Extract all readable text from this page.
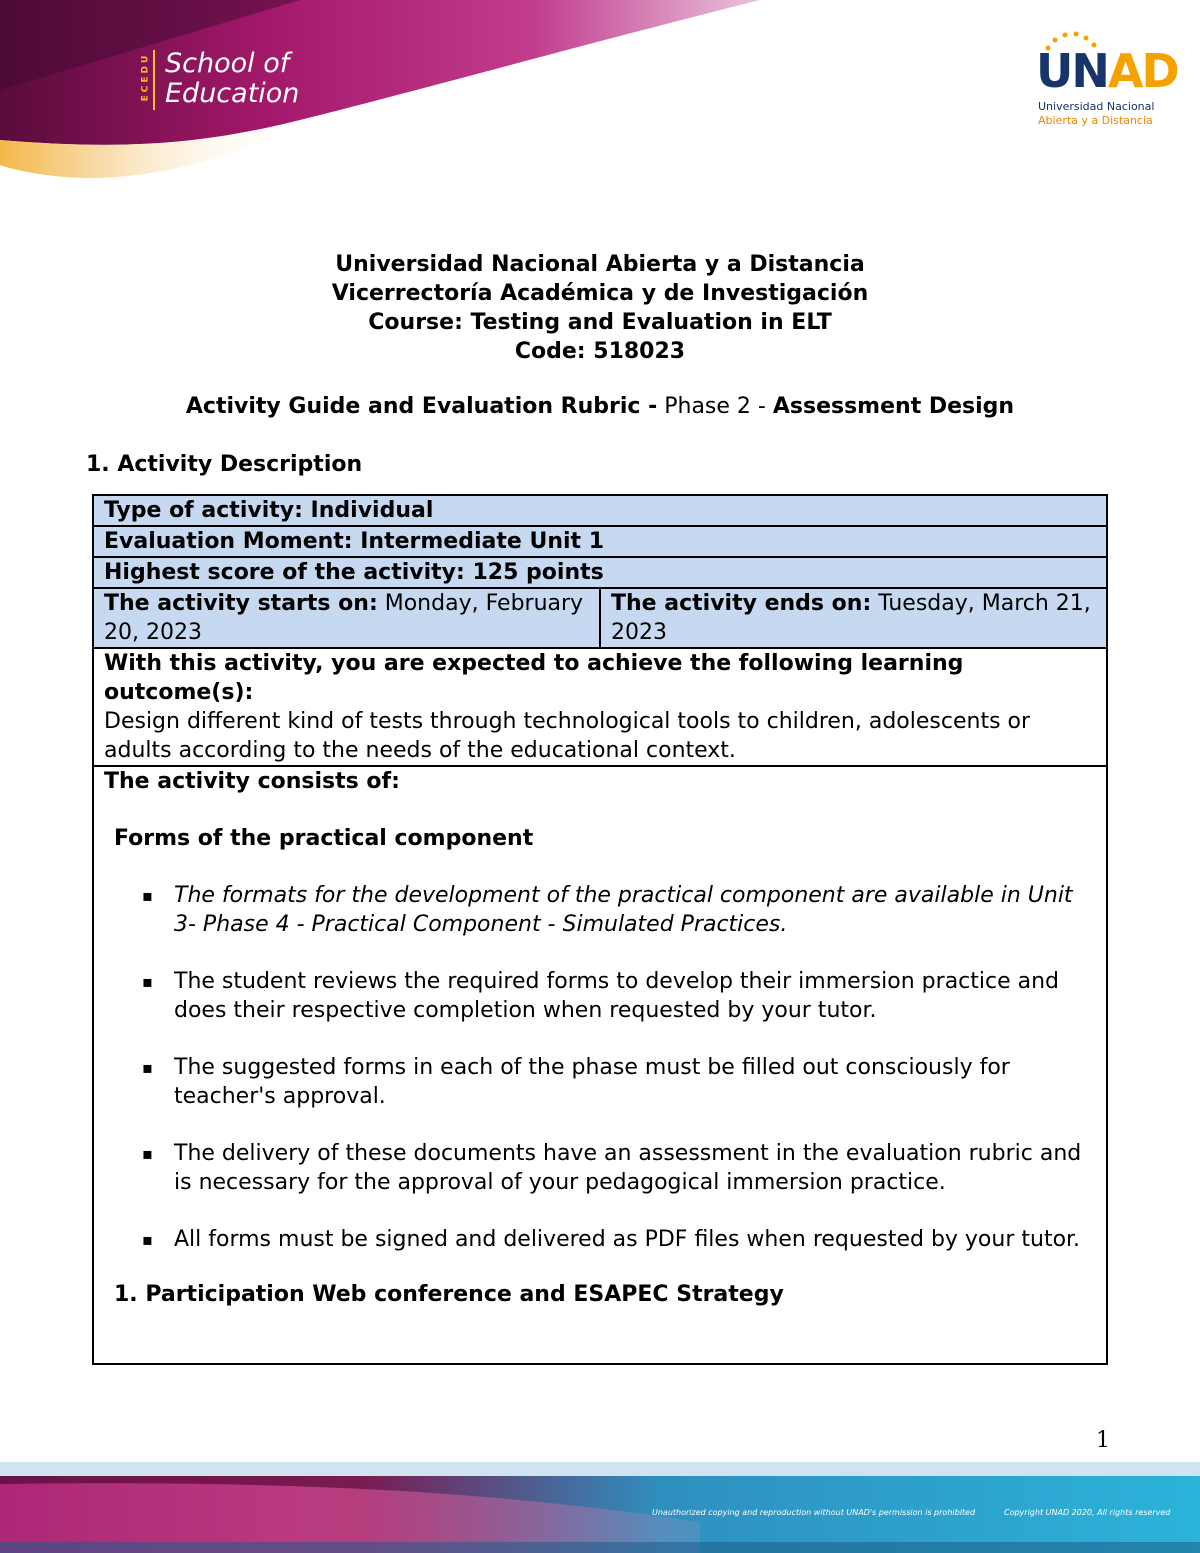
ECEDU School of
Education	UNAD
Universidad Nacional
Abierta y a Distancia
Universidad Nacional Abierta y a Distancia
Vicerrectoría Académica y de Investigación
Course: Testing and Evaluation in ELT
Code: 518023
Activity Guide and Evaluation Rubric - Phase 2 - Assessment Design
1. Activity Description
Type of activity: Individual
Evaluation Moment: Intermediate Unit 1
Highest score of the activity: 125 points
The activity starts on: Monday, February 20, 2023	The activity ends on: Tuesday, March 21, 2023

With this activity, you are expected to achieve the following learning outcome(s):
Design different kind of tests through technological tools to children, adolescents or adults according to the needs of the educational context.

The activity consists of:
Forms of the practical component
▪ The formats for the development of the practical component are available in Unit 3- Phase 4 - Practical Component - Simulated Practices.
▪ The student reviews the required forms to develop their immersion practice and does their respective completion when requested by your tutor.
▪ The suggested forms in each of the phase must be filled out consciously for teacher's approval.
▪ The delivery of these documents have an assessment in the evaluation rubric and is necessary for the approval of your pedagogical immersion practice.
▪ All forms must be signed and delivered as PDF files when requested by your tutor.
1. Participation Web conference and ESAPEC Strategy
1
Unauthorized copying and reproduction without UNAD's permission is prohibited	Copyright UNAD 2020, All rights reserved
